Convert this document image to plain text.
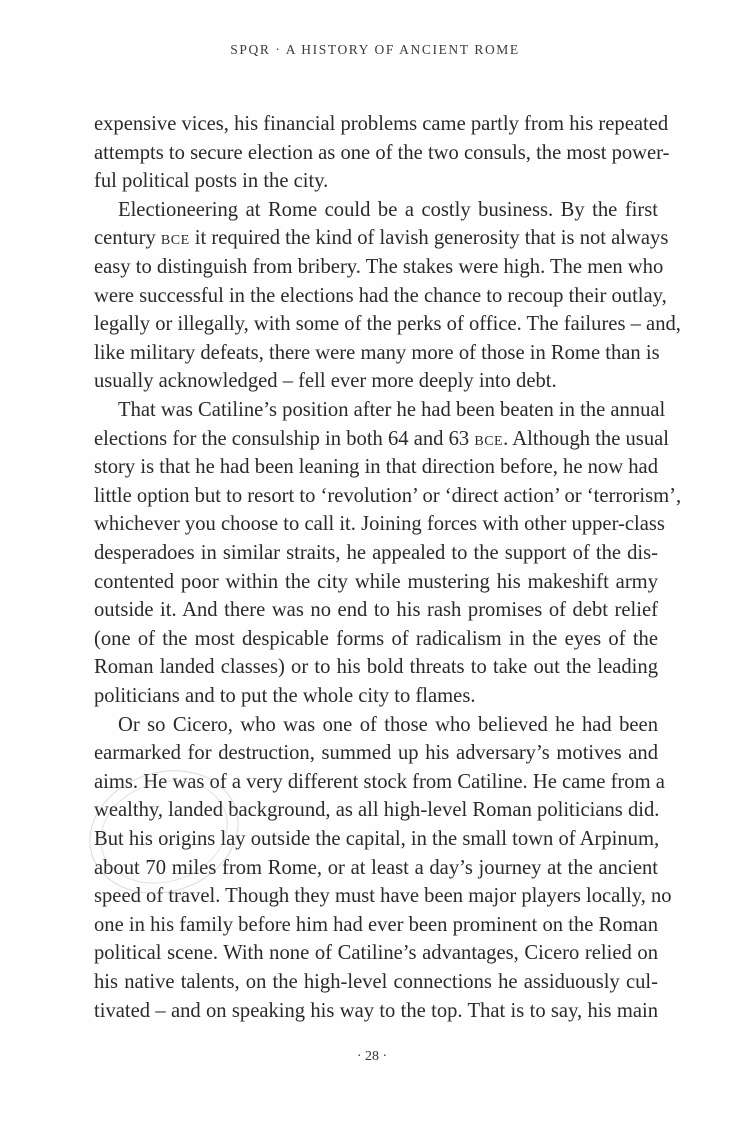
SPQR · A HISTORY OF ANCIENT ROME
expensive vices, his financial problems came partly from his repeated
attempts to secure election as one of the two consuls, the most power-
ful political posts in the city.
Electioneering at Rome could be a costly business. By the first
century bce it required the kind of lavish generosity that is not always
easy to distinguish from bribery. The stakes were high. The men who
were successful in the elections had the chance to recoup their outlay,
legally or illegally, with some of the perks of office. The failures – and,
like military defeats, there were many more of those in Rome than is
usually acknowledged – fell ever more deeply into debt.
That was Catiline’s position after he had been beaten in the annual
elections for the consulship in both 64 and 63 bce. Although the usual
story is that he had been leaning in that direction before, he now had
little option but to resort to ‘revolution’ or ‘direct action’ or ‘terrorism’,
whichever you choose to call it. Joining forces with other upper-class
desperadoes in similar straits, he appealed to the support of the dis-
contented poor within the city while mustering his makeshift army
outside it. And there was no end to his rash promises of debt relief
(one of the most despicable forms of radicalism in the eyes of the
Roman landed classes) or to his bold threats to take out the leading
politicians and to put the whole city to flames.
Or so Cicero, who was one of those who believed he had been
earmarked for destruction, summed up his adversary’s motives and
aims. He was of a very different stock from Catiline. He came from a
wealthy, landed background, as all high-level Roman politicians did.
But his origins lay outside the capital, in the small town of Arpinum,
about 70 miles from Rome, or at least a day’s journey at the ancient
speed of travel. Though they must have been major players locally, no
one in his family before him had ever been prominent on the Roman
political scene. With none of Catiline’s advantages, Cicero relied on
his native talents, on the high-level connections he assiduously cul-
tivated – and on speaking his way to the top. That is to say, his main
· 28 ·
